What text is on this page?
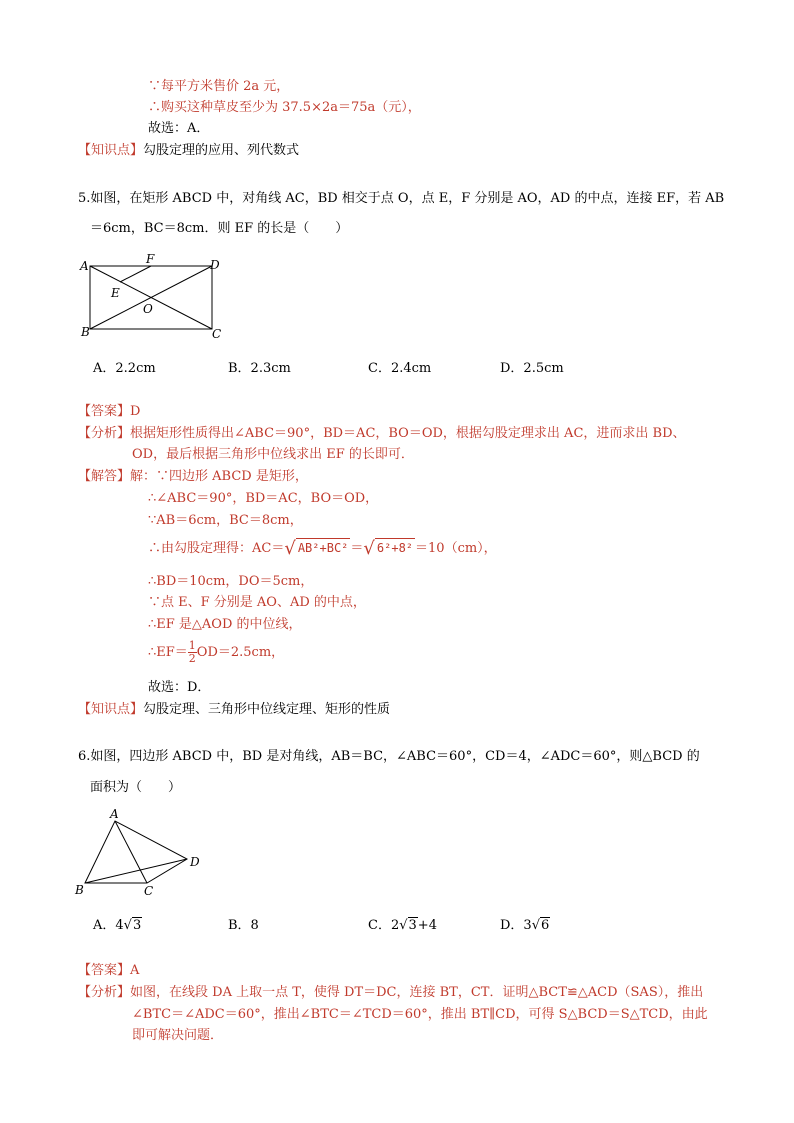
∵每平方米售价 2a 元，
∴购买这种草皮至少为 37.5×2a＝75a（元），
故选：A．
【知识点】勾股定理的应用、列代数式
5.如图，在矩形 ABCD 中，对角线 AC，BD 相交于点 O，点 E，F 分别是 AO，AD 的中点，连接 EF，若 AB
＝6cm，BC＝8cm．则 EF 的长是（　　）
A
B	C
D
E
F
O
A．2.2cm	B．2.3cm	C．2.4cm	D．2.5cm
【答案】D
【分析】根据矩形性质得出∠ABC＝90°，BD＝AC，BO＝OD，根据勾股定理求出 AC，进而求出 BD、
OD，最后根据三角形中位线求出 EF 的长即可．
【解答】解：∵四边形 ABCD 是矩形，
∴∠ABC＝90°，BD＝AC，BO＝OD，
∵AB＝6cm，BC＝8cm，
∴由勾股定理得：AC＝√ AB²+BC² ＝√ 6²+8² ＝10（cm），
∴BD＝10cm，DO＝5cm，
∵点 E、F 分别是 AO、AD 的中点，
∴EF 是△AOD 的中位线，
∴EF＝ $\frac{1}{2} OD=2.5cm$，
故选：D．
【知识点】勾股定理、三角形中位线定理、矩形的性质
6.如图，四边形 ABCD 中，BD 是对角线，AB＝BC，∠ABC＝60°，CD＝4，∠ADC＝60°，则△BCD 的
面积为（　　）
A
B	C
D
A．4√3	B．8	C．2√3+4	D．3√6
【答案】A
【分析】如图，在线段 DA 上取一点 T，使得 DT＝DC，连接 BT，CT．证明△BCT≌△ACD（SAS），推出
∠BTC＝∠ADC＝60°，推出∠BTC＝∠TCD＝60°，推出 BT∥CD，可得 S△BCD＝S△TCD，由此
即可解决问题．
